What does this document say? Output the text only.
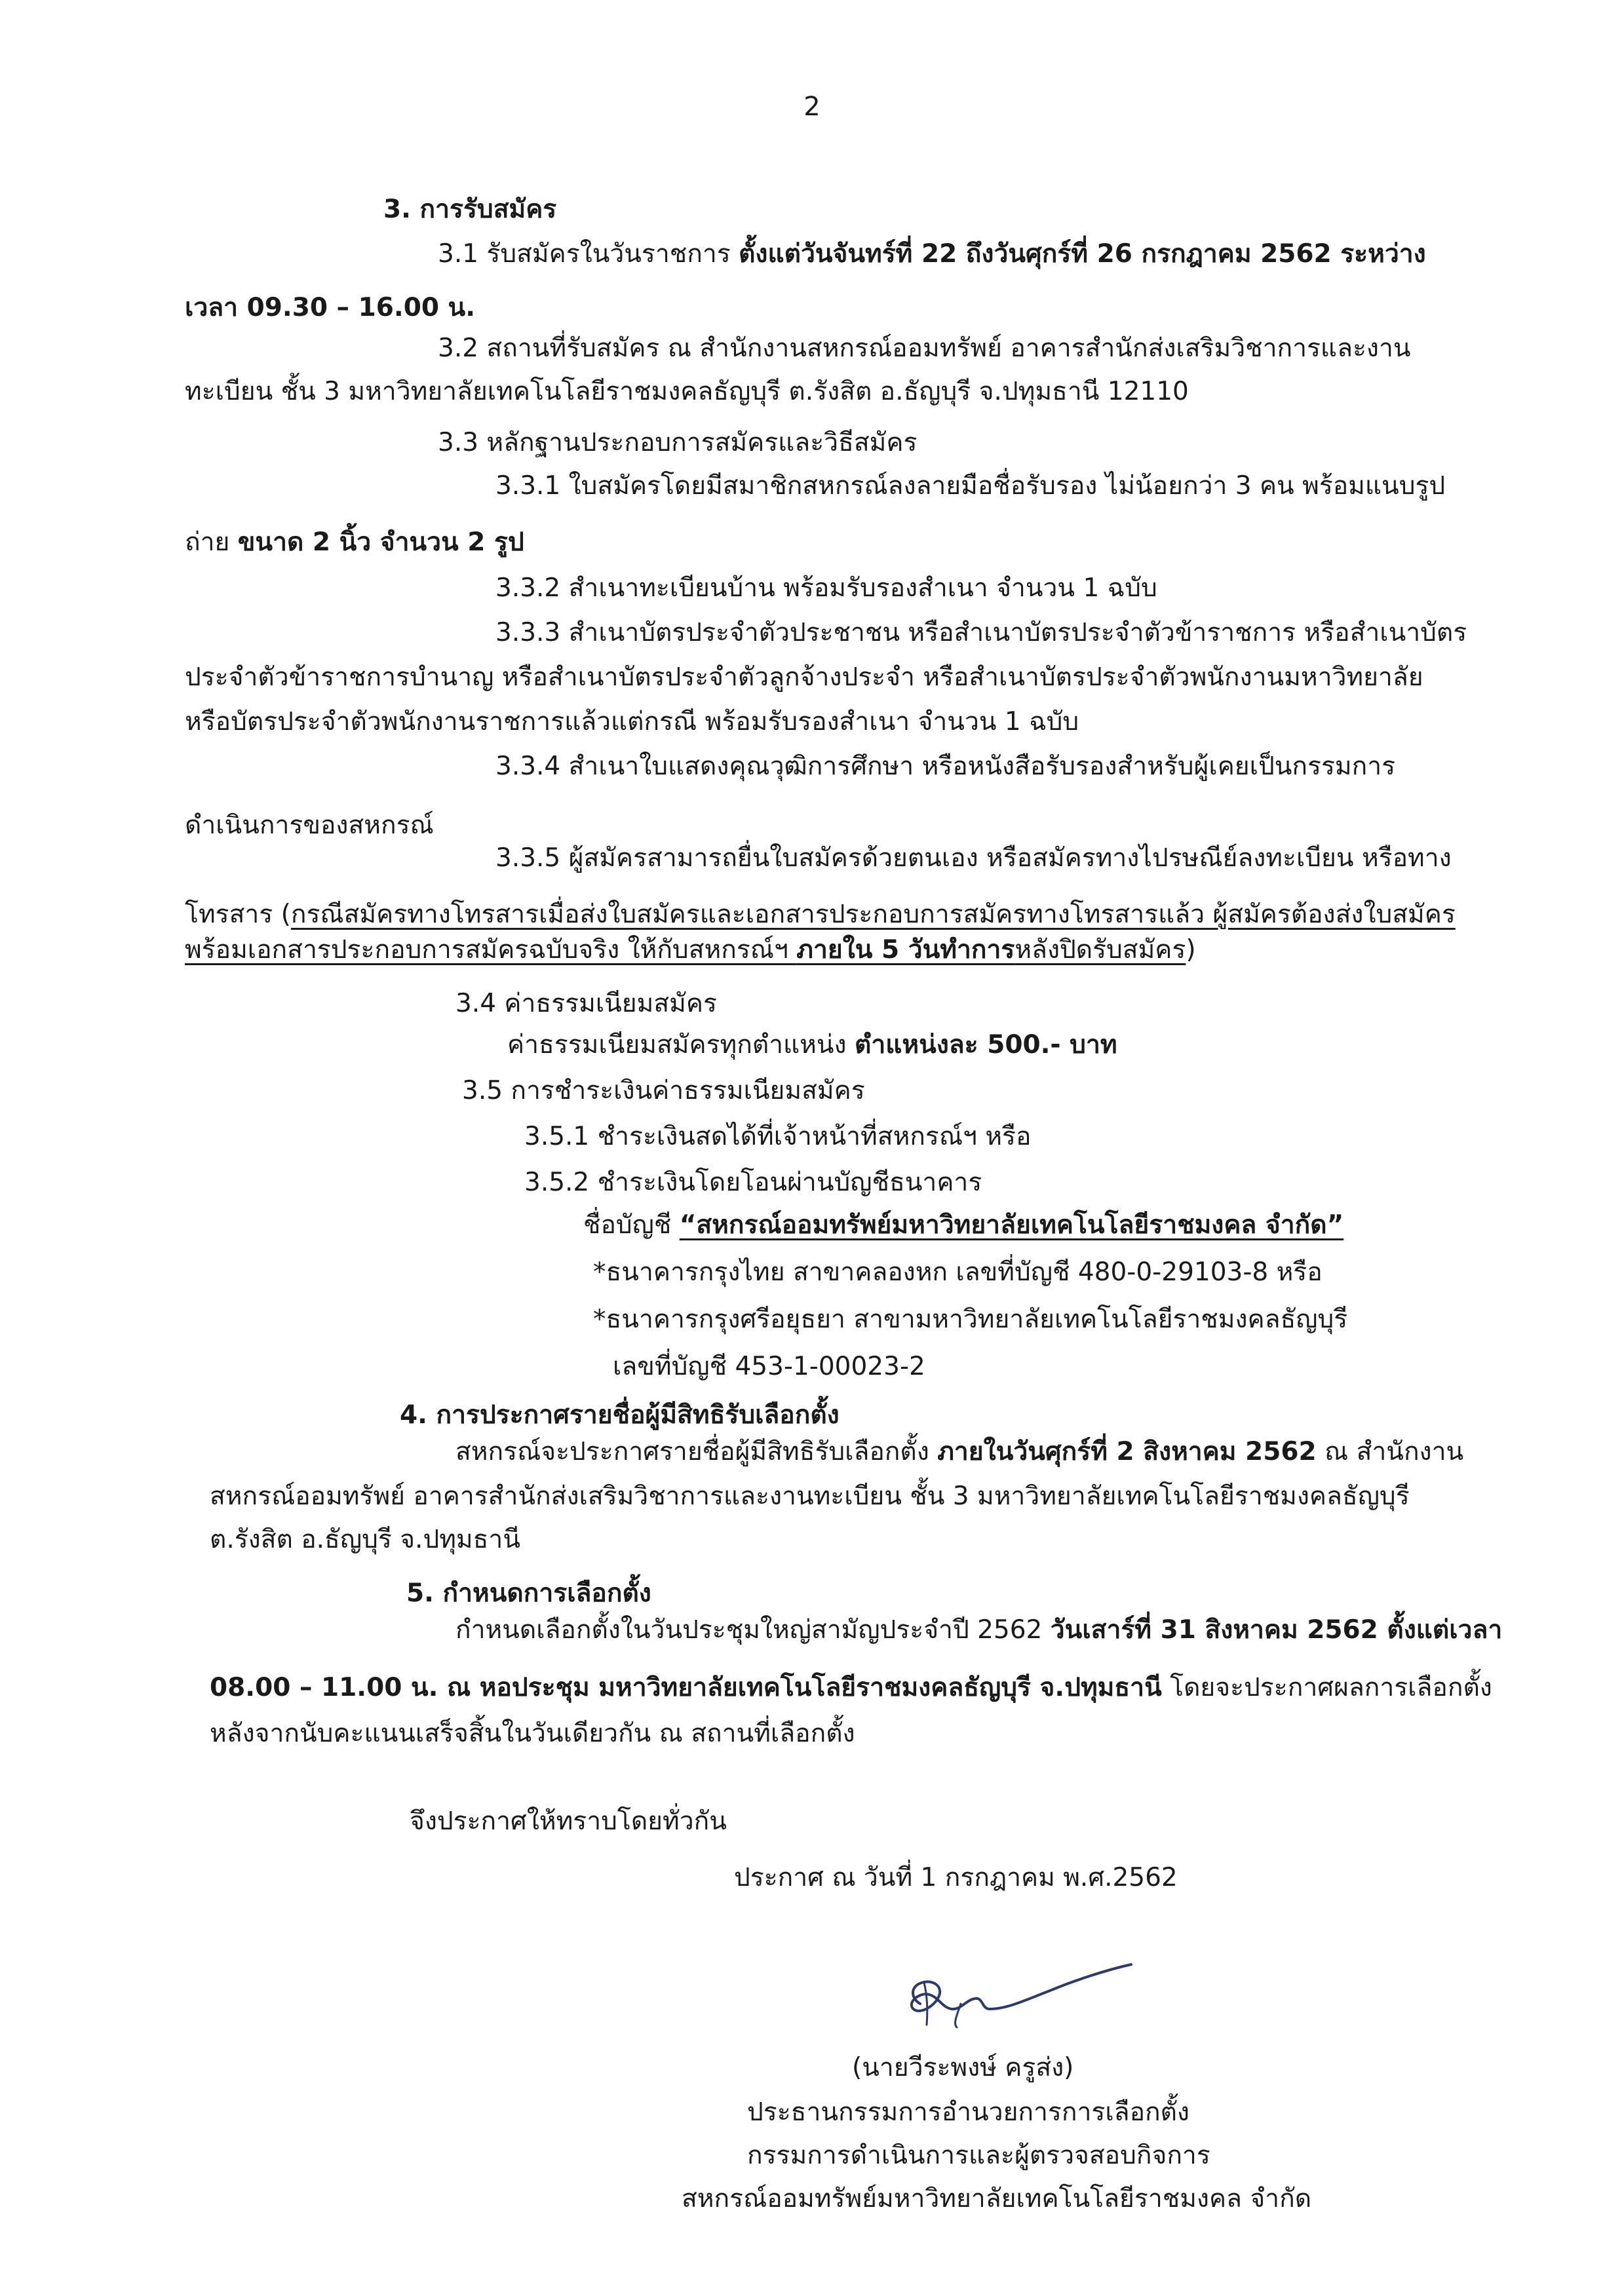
2
3. การรับสมัคร
3.1 รับสมัครในวันราชการ ตั้งแต่วันจันทร์ที่ 22 ถึงวันศุกร์ที่ 26 กรกฎาคม 2562 ระหว่าง
เวลา 09.30 – 16.00 น.
3.2 สถานที่รับสมัคร ณ สำนักงานสหกรณ์ออมทรัพย์ อาคารสำนักส่งเสริมวิชาการและงาน
ทะเบียน ชั้น 3 มหาวิทยาลัยเทคโนโลยีราชมงคลธัญบุรี ต.รังสิต อ.ธัญบุรี จ.ปทุมธานี 12110
3.3 หลักฐานประกอบการสมัครและวิธีสมัคร
3.3.1 ใบสมัครโดยมีสมาชิกสหกรณ์ลงลายมือชื่อรับรอง ไม่น้อยกว่า 3 คน พร้อมแนบรูป
ถ่าย ขนาด 2 นิ้ว จำนวน 2 รูป
3.3.2 สำเนาทะเบียนบ้าน พร้อมรับรองสำเนา จำนวน 1 ฉบับ
3.3.3 สำเนาบัตรประจำตัวประชาชน หรือสำเนาบัตรประจำตัวข้าราชการ หรือสำเนาบัตร
ประจำตัวข้าราชการบำนาญ หรือสำเนาบัตรประจำตัวลูกจ้างประจำ หรือสำเนาบัตรประจำตัวพนักงานมหาวิทยาลัย
หรือบัตรประจำตัวพนักงานราชการแล้วแต่กรณี พร้อมรับรองสำเนา จำนวน 1 ฉบับ
3.3.4 สำเนาใบแสดงคุณวุฒิการศึกษา หรือหนังสือรับรองสำหรับผู้เคยเป็นกรรมการ
ดำเนินการของสหกรณ์
3.3.5 ผู้สมัครสามารถยื่นใบสมัครด้วยตนเอง หรือสมัครทางไปรษณีย์ลงทะเบียน หรือทาง
โทรสาร (กรณีสมัครทางโทรสารเมื่อส่งใบสมัครและเอกสารประกอบการสมัครทางโทรสารแล้ว ผู้สมัครต้องส่งใบสมัคร
พร้อมเอกสารประกอบการสมัครฉบับจริง ให้กับสหกรณ์ฯ ภายใน 5 วันทำการหลังปิดรับสมัคร)
3.4 ค่าธรรมเนียมสมัคร
ค่าธรรมเนียมสมัครทุกตำแหน่ง ตำแหน่งละ 500.- บาท
3.5 การชำระเงินค่าธรรมเนียมสมัคร
3.5.1 ชำระเงินสดได้ที่เจ้าหน้าที่สหกรณ์ฯ หรือ
3.5.2 ชำระเงินโดยโอนผ่านบัญชีธนาคาร
ชื่อบัญชี “สหกรณ์ออมทรัพย์มหาวิทยาลัยเทคโนโลยีราชมงคล จำกัด”
*ธนาคารกรุงไทย สาขาคลองหก เลขที่บัญชี 480-0-29103-8 หรือ
*ธนาคารกรุงศรีอยุธยา สาขามหาวิทยาลัยเทคโนโลยีราชมงคลธัญบุรี
เลขที่บัญชี 453-1-00023-2
4. การประกาศรายชื่อผู้มีสิทธิรับเลือกตั้ง
สหกรณ์จะประกาศรายชื่อผู้มีสิทธิรับเลือกตั้ง ภายในวันศุกร์ที่ 2 สิงหาคม 2562 ณ สำนักงาน
สหกรณ์ออมทรัพย์ อาคารสำนักส่งเสริมวิชาการและงานทะเบียน ชั้น 3 มหาวิทยาลัยเทคโนโลยีราชมงคลธัญบุรี
ต.รังสิต อ.ธัญบุรี จ.ปทุมธานี
5. กำหนดการเลือกตั้ง
กำหนดเลือกตั้งในวันประชุมใหญ่สามัญประจำปี 2562 วันเสาร์ที่ 31 สิงหาคม 2562 ตั้งแต่เวลา
08.00 – 11.00 น. ณ หอประชุม มหาวิทยาลัยเทคโนโลยีราชมงคลธัญบุรี จ.ปทุมธานี โดยจะประกาศผลการเลือกตั้ง
หลังจากนับคะแนนเสร็จสิ้นในวันเดียวกัน ณ สถานที่เลือกตั้ง
จึงประกาศให้ทราบโดยทั่วกัน
ประกาศ ณ วันที่ 1 กรกฎาคม พ.ศ.2562
(นายวีระพงษ์ ครูส่ง)
ประธานกรรมการอำนวยการการเลือกตั้ง
กรรมการดำเนินการและผู้ตรวจสอบกิจการ
สหกรณ์ออมทรัพย์มหาวิทยาลัยเทคโนโลยีราชมงคล จำกัด
